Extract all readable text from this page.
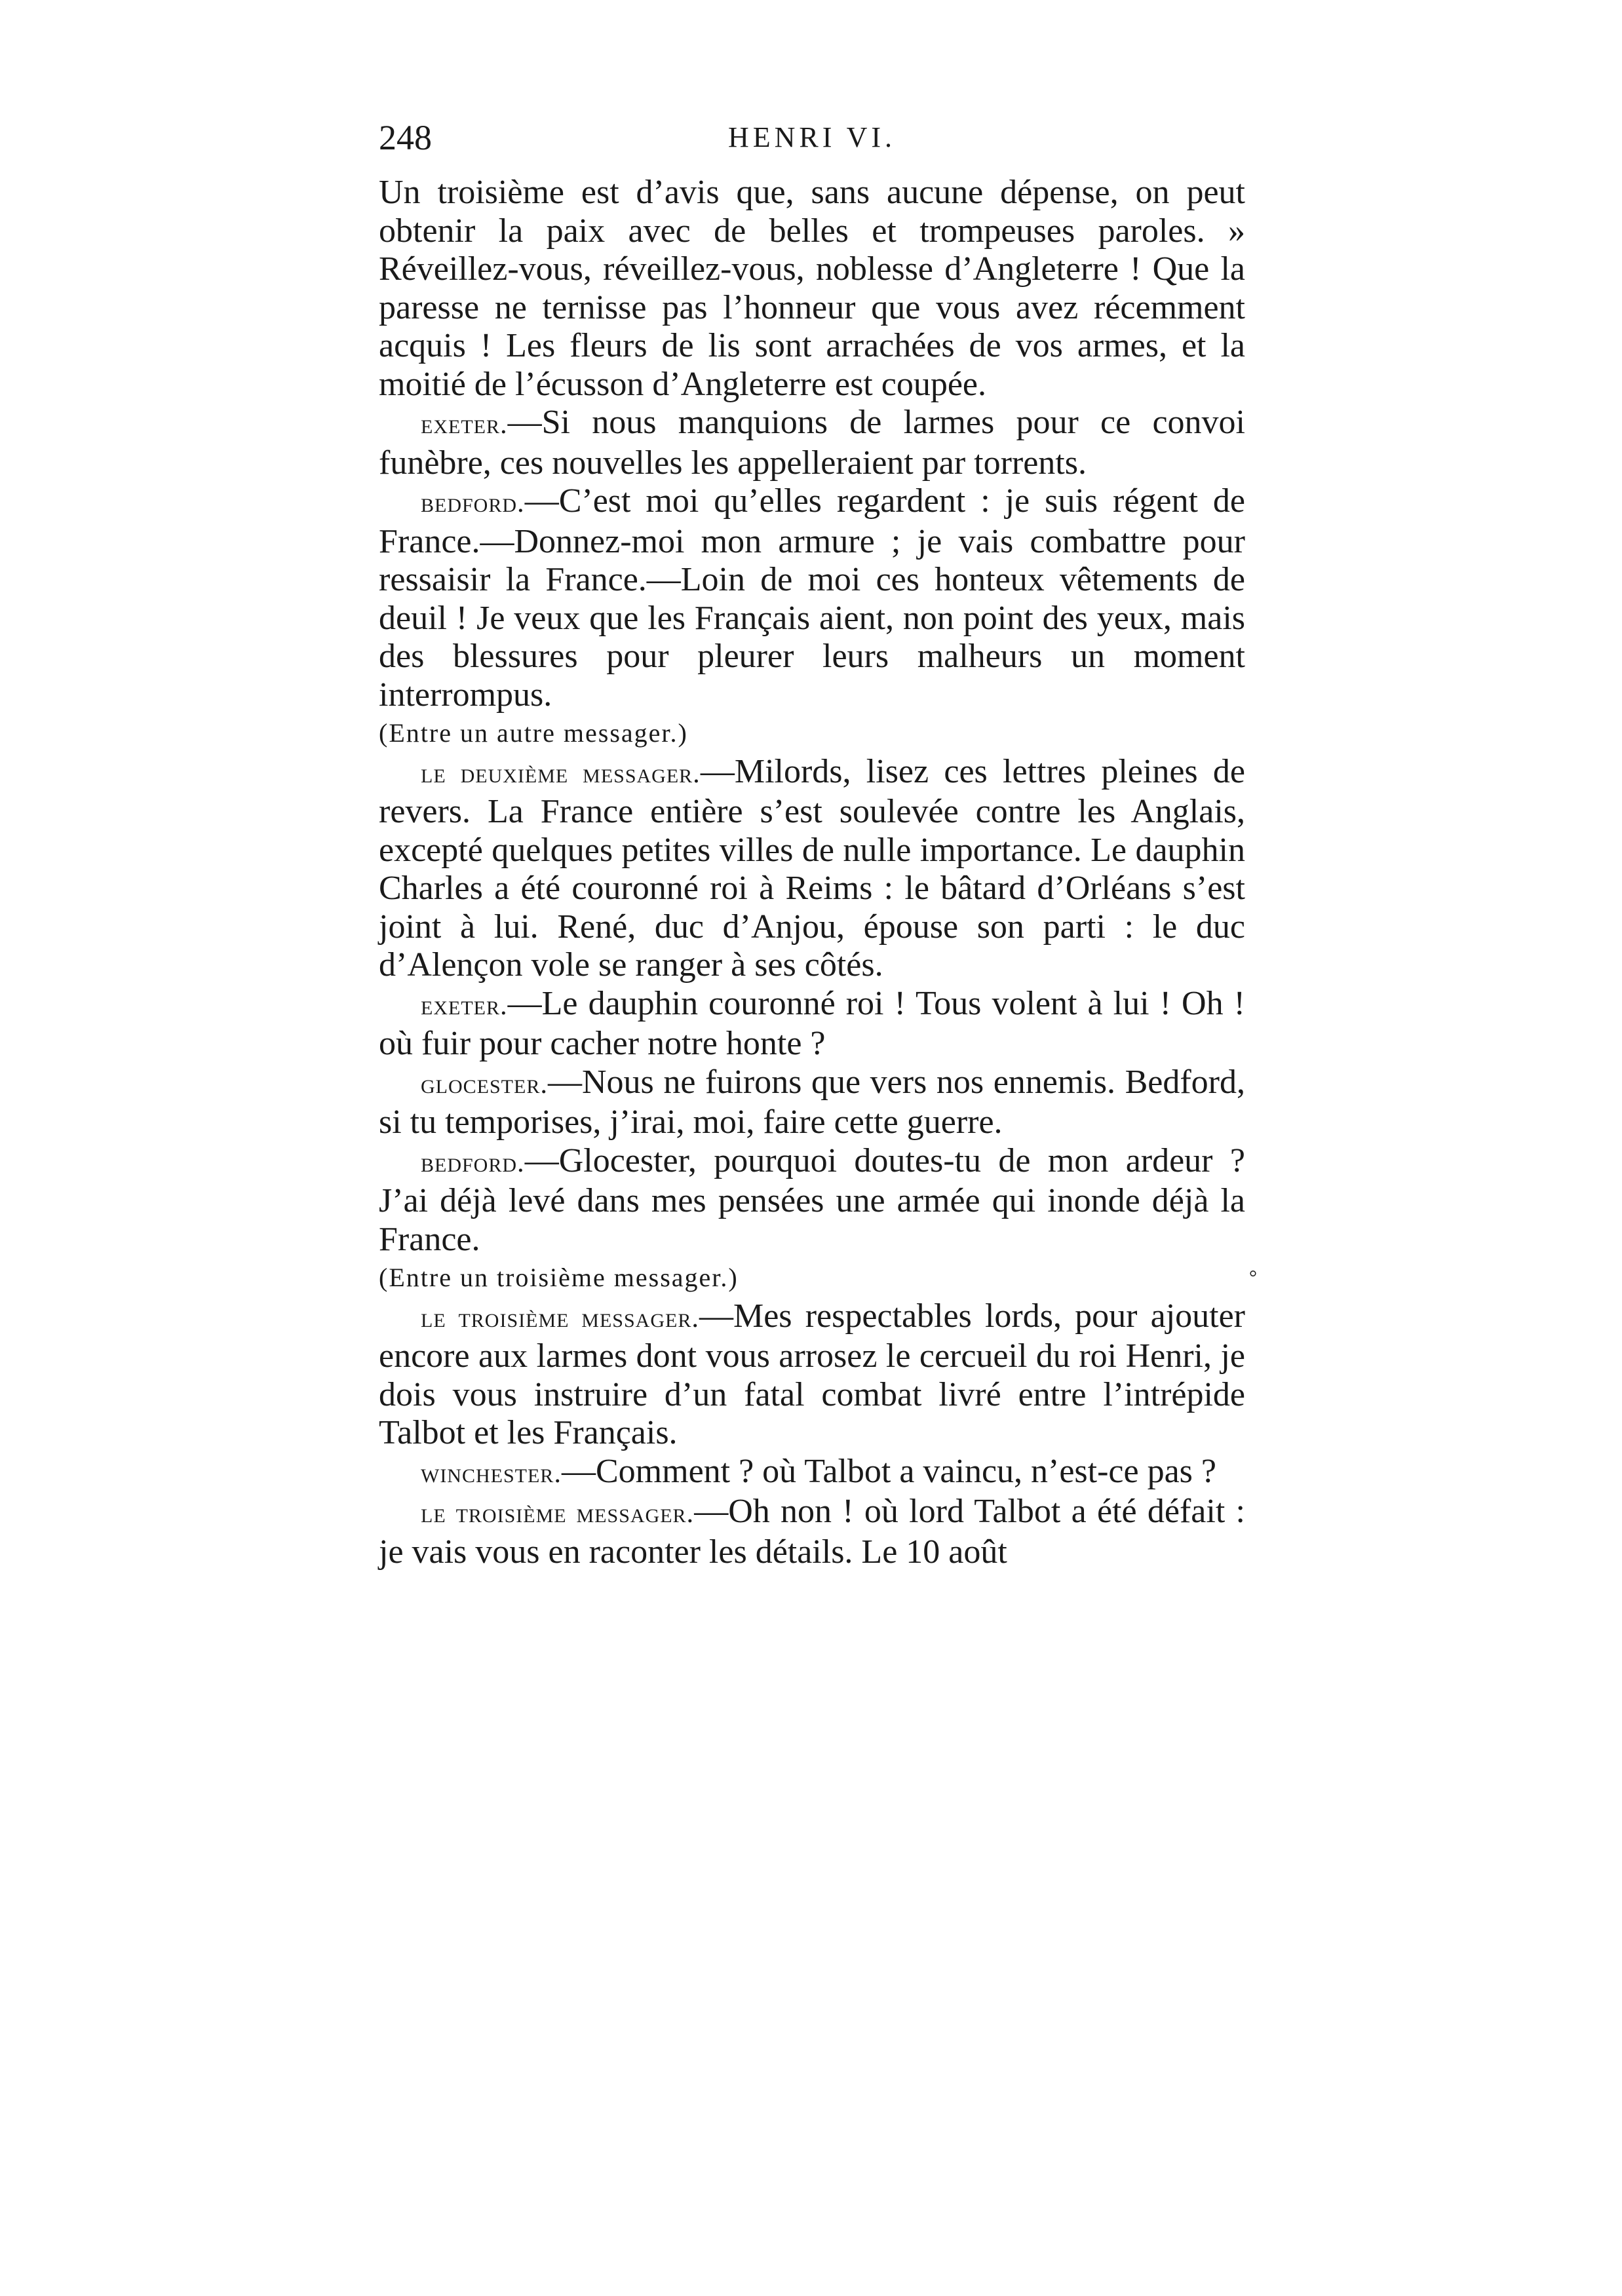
248	HENRI VI.

Un troisième est d’avis que, sans aucune dépense, on peut obtenir la paix avec de belles et trompeuses paroles. » Réveillez-vous, réveillez-vous, noblesse d’Angleterre ! Que la paresse ne ternisse pas l’honneur que vous avez récemment acquis ! Les fleurs de lis sont arrachées de vos armes, et la moitié de l’écusson d’Angleterre est coupée.

exeter.—Si nous manquions de larmes pour ce convoi funèbre, ces nouvelles les appelleraient par torrents.

bedford.—C’est moi qu’elles regardent : je suis régent de France.—Donnez-moi mon armure ; je vais combattre pour ressaisir la France.—Loin de moi ces honteux vêtements de deuil ! Je veux que les Français aient, non point des yeux, mais des blessures pour pleurer leurs malheurs un moment interrompus.

(Entre un autre messager.)

le deuxième messager.—Milords, lisez ces lettres pleines de revers. La France entière s’est soulevée contre les Anglais, excepté quelques petites villes de nulle importance. Le dauphin Charles a été couronné roi à Reims : le bâtard d’Orléans s’est joint à lui. René, duc d’Anjou, épouse son parti : le duc d’Alençon vole se ranger à ses côtés.

exeter.—Le dauphin couronné roi ! Tous volent à lui ! Oh ! où fuir pour cacher notre honte ?

glocester.—Nous ne fuirons que vers nos ennemis. Bedford, si tu temporises, j’irai, moi, faire cette guerre.

bedford.—Glocester, pourquoi doutes-tu de mon ardeur ? J’ai déjà levé dans mes pensées une armée qui inonde déjà la France.

(Entre un troisième messager.)	°

le troisième messager.—Mes respectables lords, pour ajouter encore aux larmes dont vous arrosez le cercueil du roi Henri, je dois vous instruire d’un fatal combat livré entre l’intrépide Talbot et les Français.

winchester.—Comment ? où Talbot a vaincu, n’est-ce pas ?

le troisième messager.—Oh non ! où lord Talbot a été défait : je vais vous en raconter les détails. Le 10 août
